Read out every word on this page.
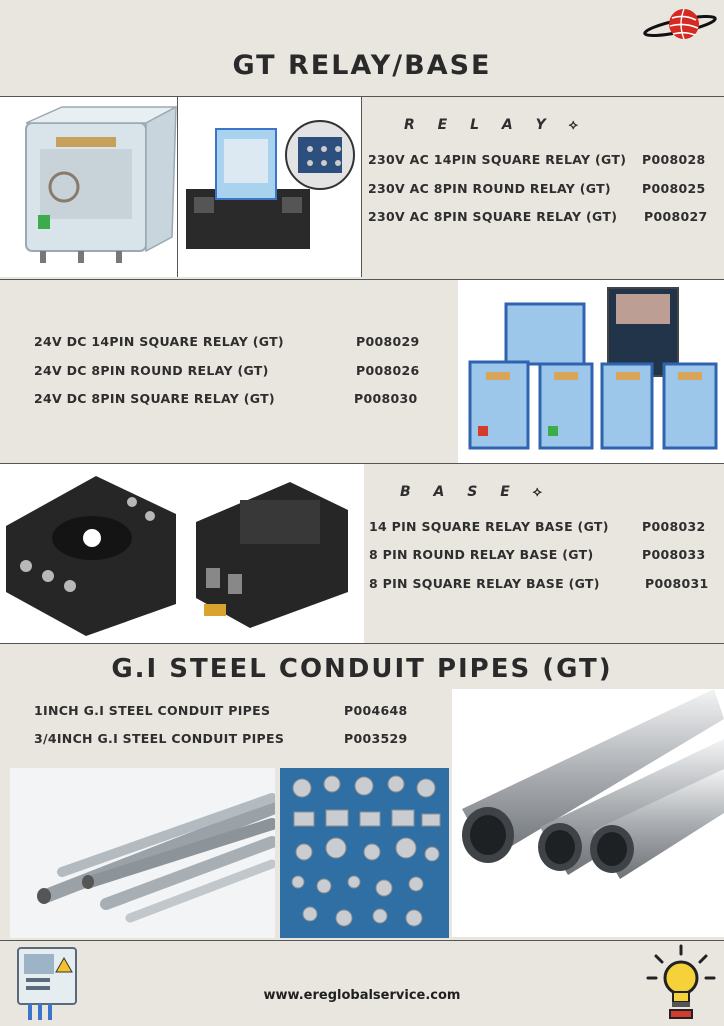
GT RELAY/BASE
R E L A Y ⟡
230V AC 14PIN SQUARE RELAY (GT) P008028
230V AC 8PIN ROUND RELAY (GT) P008025
230V AC 8PIN SQUARE RELAY (GT) P008027
24V DC 14PIN SQUARE RELAY (GT)	P008029
24V DC 8PIN ROUND RELAY (GT)	P008026
24V DC 8PIN SQUARE RELAY (GT)	P008030
B A S E ⟡
14 PIN SQUARE RELAY BASE (GT)	P008032
8 PIN ROUND RELAY BASE (GT)	P008033
8 PIN SQUARE RELAY BASE (GT)	P008031
G.I STEEL CONDUIT PIPES (GT)
1INCH G.I STEEL CONDUIT PIPES	P004648
3/4INCH G.I STEEL CONDUIT PIPES	P003529
www.ereglobalservice.com
